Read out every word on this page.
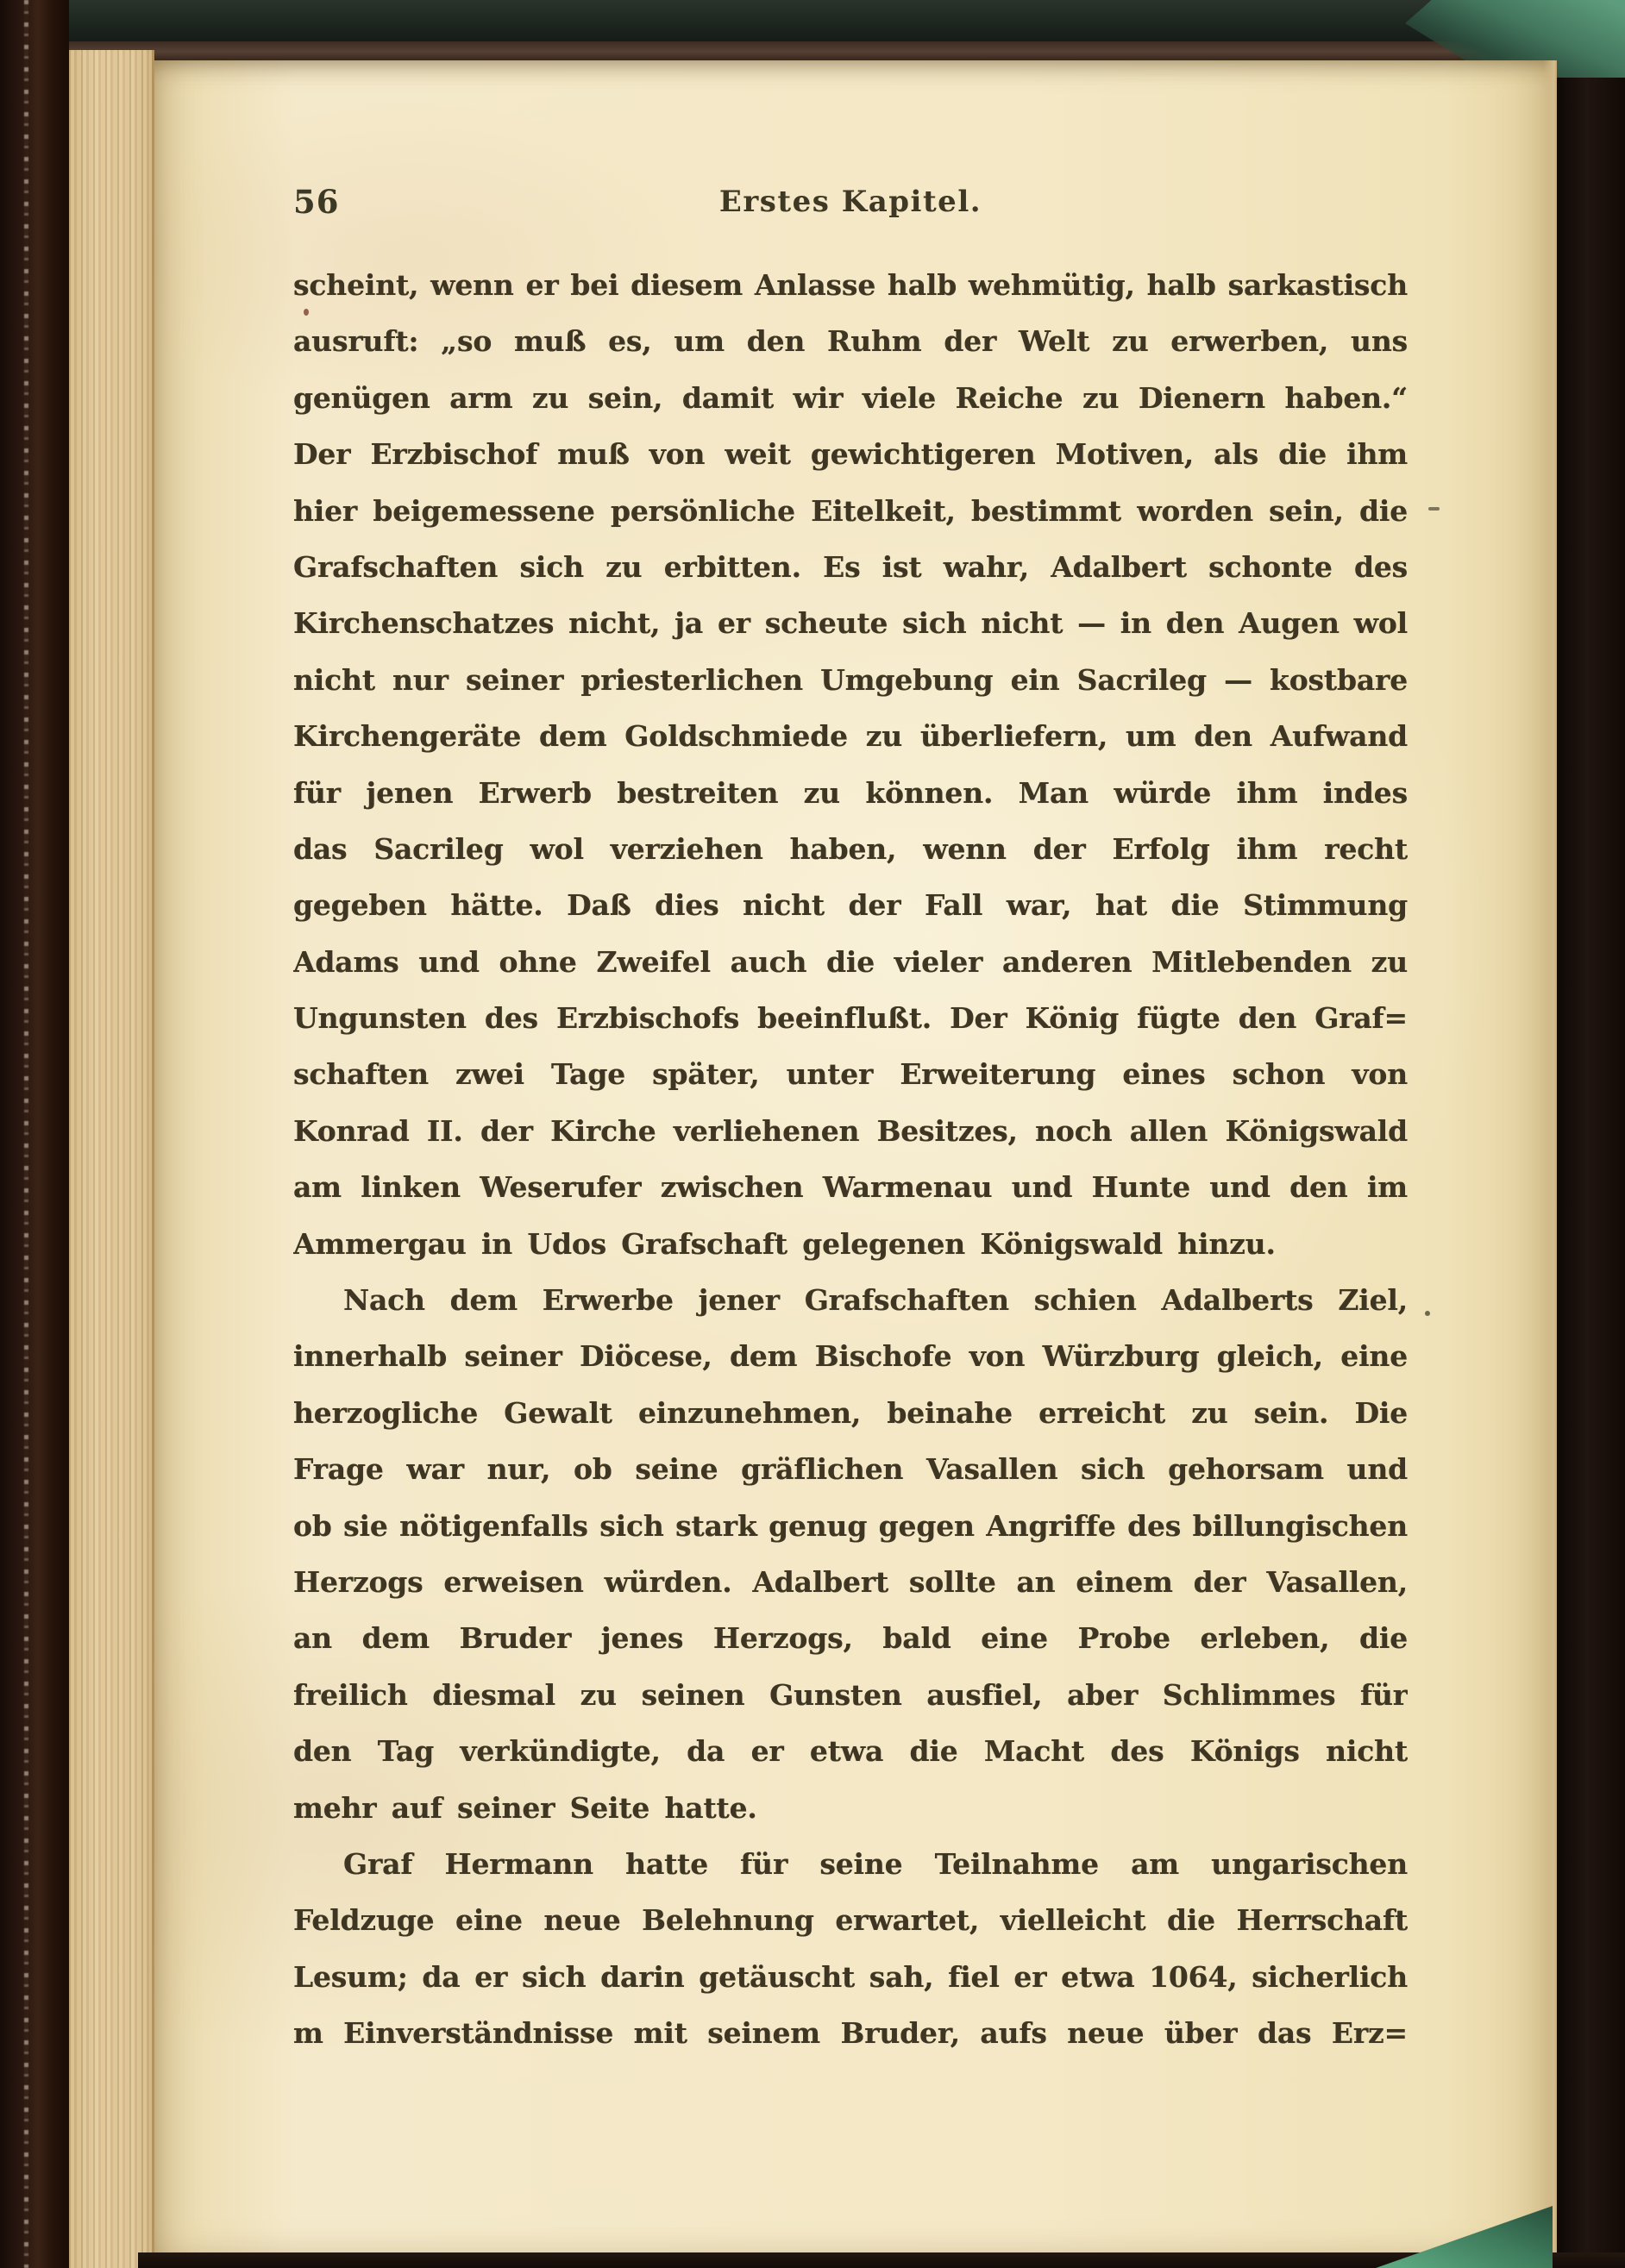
56	Erstes Kapitel.
scheint, wenn er bei diesem Anlasse halb wehmütig, halb sarkastisch
ausruft: „so muß es, um den Ruhm der Welt zu erwerben, uns
genügen arm zu sein, damit wir viele Reiche zu Dienern haben.“
Der Erzbischof muß von weit gewichtigeren Motiven, als die ihm
hier beigemessene persönliche Eitelkeit, bestimmt worden sein, die
Grafschaften sich zu erbitten. Es ist wahr, Adalbert schonte des
Kirchenschatzes nicht, ja er scheute sich nicht — in den Augen wol
nicht nur seiner priesterlichen Umgebung ein Sacrileg — kostbare
Kirchengeräte dem Goldschmiede zu überliefern, um den Aufwand
für jenen Erwerb bestreiten zu können. Man würde ihm indes
das Sacrileg wol verziehen haben, wenn der Erfolg ihm recht
gegeben hätte. Daß dies nicht der Fall war, hat die Stimmung
Adams und ohne Zweifel auch die vieler anderen Mitlebenden zu
Ungunsten des Erzbischofs beeinflußt. Der König fügte den Graf=
schaften zwei Tage später, unter Erweiterung eines schon von
Konrad II. der Kirche verliehenen Besitzes, noch allen Königswald
am linken Weserufer zwischen Warmenau und Hunte und den im
Ammergau in Udos Grafschaft gelegenen Königswald hinzu.
Nach dem Erwerbe jener Grafschaften schien Adalberts Ziel,
innerhalb seiner Diöcese, dem Bischofe von Würzburg gleich, eine
herzogliche Gewalt einzunehmen, beinahe erreicht zu sein. Die
Frage war nur, ob seine gräflichen Vasallen sich gehorsam und
ob sie nötigenfalls sich stark genug gegen Angriffe des billungischen
Herzogs erweisen würden. Adalbert sollte an einem der Vasallen,
an dem Bruder jenes Herzogs, bald eine Probe erleben, die
freilich diesmal zu seinen Gunsten ausfiel, aber Schlimmes für
den Tag verkündigte, da er etwa die Macht des Königs nicht
mehr auf seiner Seite hatte.
Graf Hermann hatte für seine Teilnahme am ungarischen
Feldzuge eine neue Belehnung erwartet, vielleicht die Herrschaft
Lesum; da er sich darin getäuscht sah, fiel er etwa 1064, sicherlich
m Einverständnisse mit seinem Bruder, aufs neue über das Erz=
